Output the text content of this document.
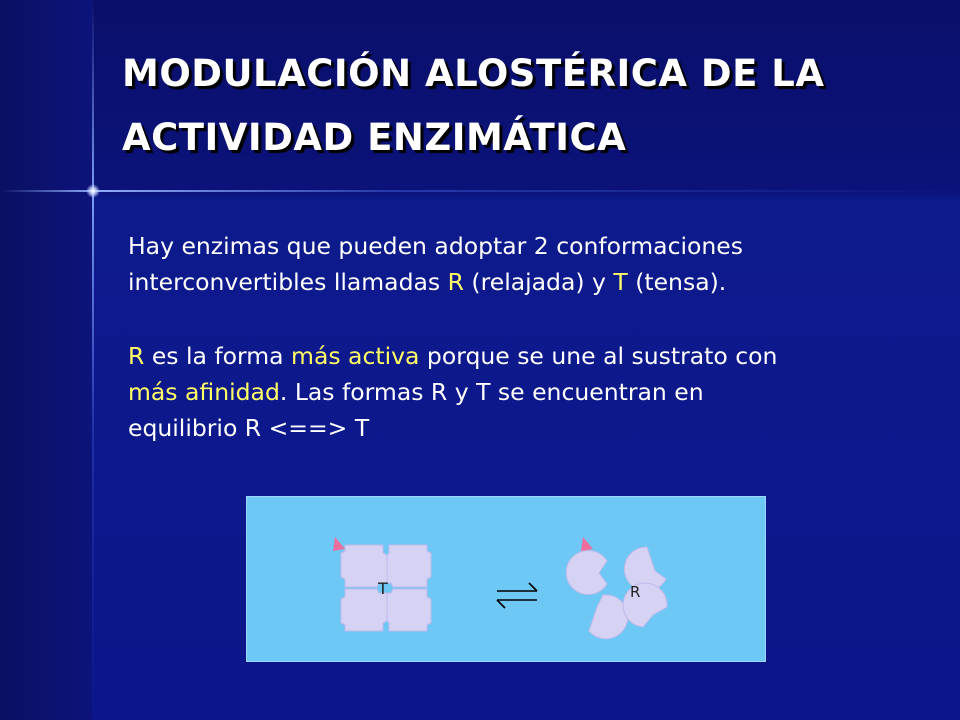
MODULACIÓN ALOSTÉRICA DE LA
ACTIVIDAD ENZIMÁTICA

Hay enzimas que pueden adoptar 2 conformaciones
interconvertibles llamadas R (relajada) y T (tensa).

R es la forma más activa porque se une al sustrato con
más afinidad. Las formas R y T se encuentran en
equilibrio R <==> T

T	R
